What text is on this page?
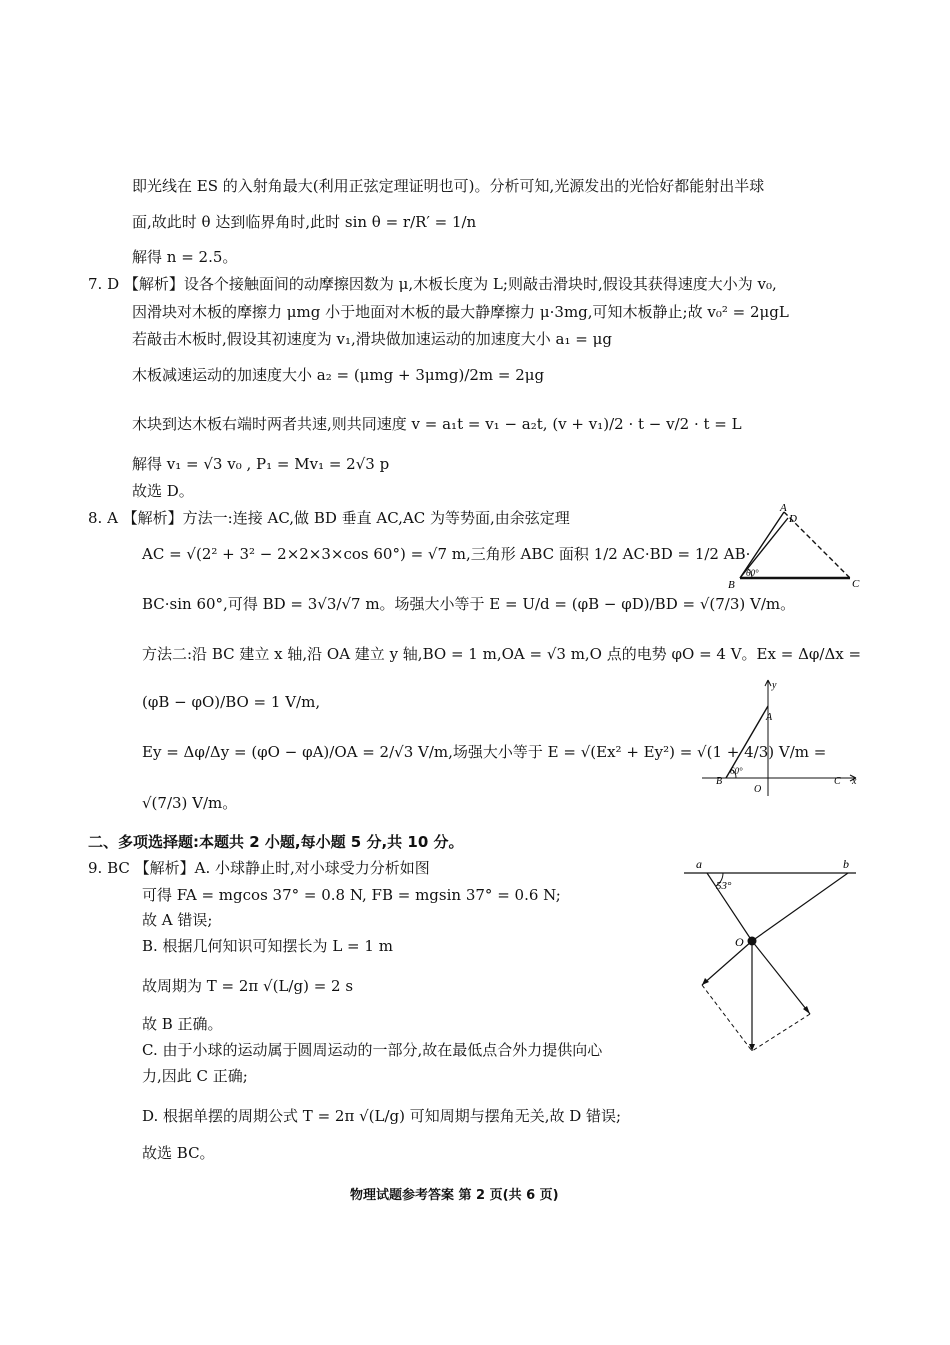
即光线在 ES 的入射角最大(利用正弦定理证明也可)。分析可知,光源发出的光恰好都能射出半球
面,故此时 θ 达到临界角时,此时 sin θ = r/R′ = 1/n
解得 n = 2.5。
7. D 【解析】设各个接触面间的动摩擦因数为 μ,木板长度为 L;则敲击滑块时,假设其获得速度大小为 v₀,
因滑块对木板的摩擦力 μmg 小于地面对木板的最大静摩擦力 μ·3mg,可知木板静止;故 v₀² = 2μgL
若敲击木板时,假设其初速度为 v₁,滑块做加速运动的加速度大小 a₁ = μg
木板减速运动的加速度大小 a₂ = (μmg + 3μmg)/2m = 2μg
木块到达木板右端时两者共速,则共同速度 v = a₁t = v₁ − a₂t, (v + v₁)/2 · t − v/2 · t = L
解得 v₁ = √3 v₀ , P₁ = Mv₁ = 2√3 p
故选 D。
8. A 【解析】方法一:连接 AC,做 BD 垂直 AC,AC 为等势面,由余弦定理
AC = √(2² + 3² − 2×2×3×cos 60°) = √7 m,三角形 ABC 面积 1/2 AC·BD = 1/2 AB·
BC·sin 60°,可得 BD = 3√3/√7 m。场强大小等于 E = U/d = (φB − φD)/BD = √(7/3) V/m。
方法二:沿 BC 建立 x 轴,沿 OA 建立 y 轴,BO = 1 m,OA = √3 m,O 点的电势 φO = 4 V。Ex = Δφ/Δx =
(φB − φO)/BO = 1 V/m,
Ey = Δφ/Δy = (φO − φA)/OA = 2/√3 V/m,场强大小等于 E = √(Ex² + Ey²) = √(1 + 4/3) V/m =
√(7/3) V/m。
A
D
B	C
60°
y
A
B
O
C x
60°
二、多项选择题:本题共 2 小题,每小题 5 分,共 10 分。
9. BC 【解析】A. 小球静止时,对小球受力分析如图
可得 FA = mgcos 37° = 0.8 N, FB = mgsin 37° = 0.6 N;
故 A 错误;
B. 根据几何知识可知摆长为 L = 1 m
故周期为 T = 2π √(L/g) = 2 s
故 B 正确。
C. 由于小球的运动属于圆周运动的一部分,故在最低点合外力提供向心
力,因此 C 正确;
D. 根据单摆的周期公式 T = 2π √(L/g) 可知周期与摆角无关,故 D 错误;
故选 BC。
a	b
53°
O
物理试题参考答案 第 2 页(共 6 页)
